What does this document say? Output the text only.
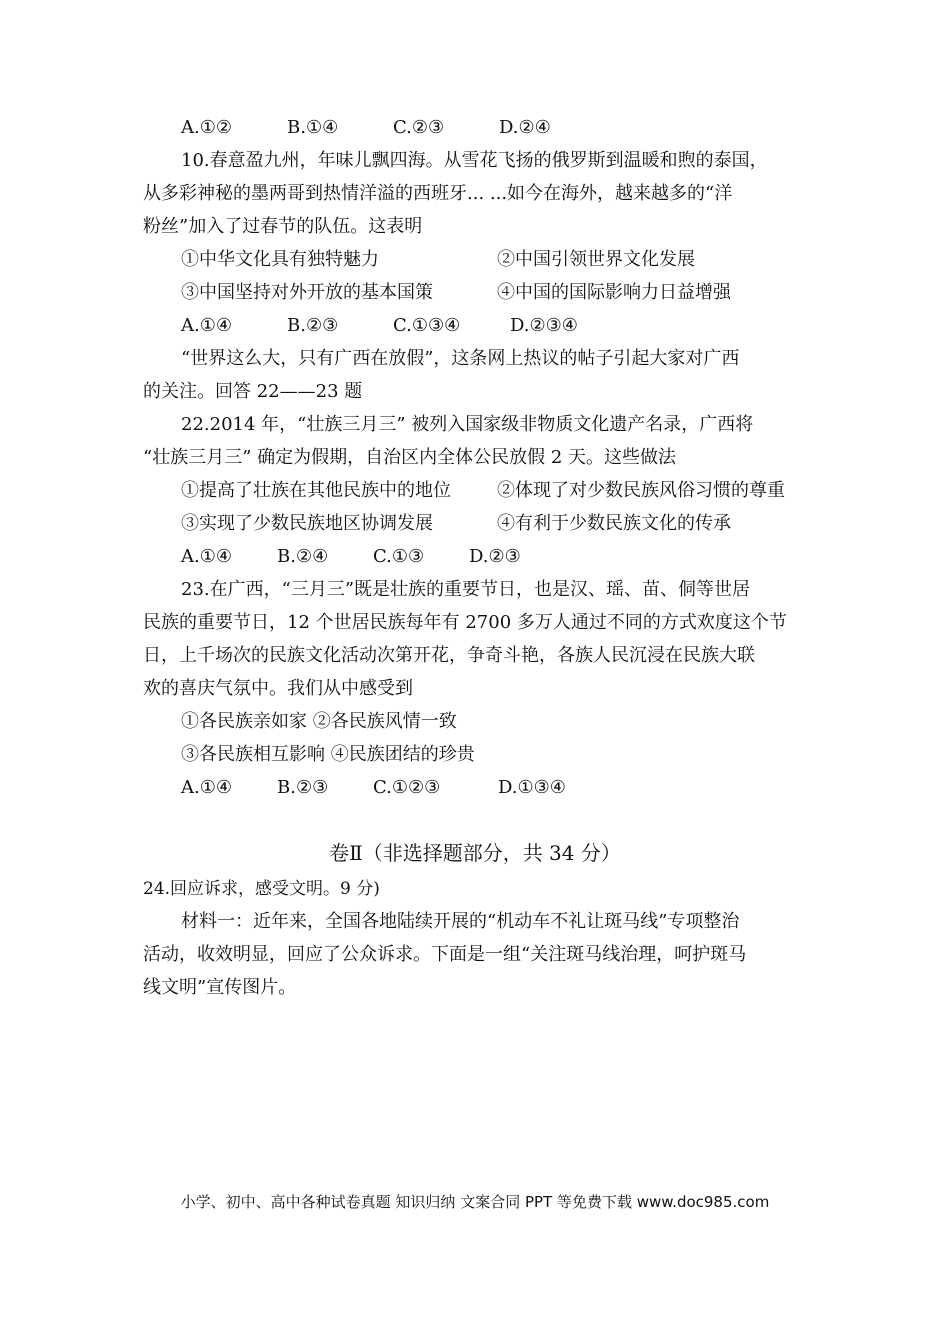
A.①②	B.①④	C.②③	D.②④
10.春意盈九州，年味儿飘四海。从雪花飞扬的俄罗斯到温暖和煦的泰国，
从多彩神秘的墨两哥到热情洋溢的西班牙... ...如今在海外，越来越多的“洋
粉丝”加入了过春节的队伍。这表明
①中华文化具有独特魅力	②中国引领世界文化发展
③中国坚持对外开放的基本国策	④中国的国际影响力日益增强
A.①④	B.②③	C.①③④	D.②③④
“世界这么大，只有广西在放假”，这条网上热议的帖子引起大家对广西
的关注。回答 22——23 题
22.2014 年，“壮族三月三” 被列入国家级非物质文化遗产名录，广西将
“壮族三月三” 确定为假期，自治区内全体公民放假 2 天。这些做法
①提高了壮族在其他民族中的地位	②体现了对少数民族风俗习惯的尊重
③实现了少数民族地区协调发展	④有利于少数民族文化的传承
A.①④	B.②④ C.①③ D.②③
23.在广西，“三月三”既是壮族的重要节日，也是汉、瑶、苗、侗等世居
民族的重要节日，12 个世居民族每年有 2700 多万人通过不同的方式欢度这个节
日，上千场次的民族文化活动次第开花，争奇斗艳，各族人民沉浸在民族大联
欢的喜庆气氛中。我们从中感受到
①各民族亲如家 ②各民族风情一致
③各民族相互影响 ④民族团结的珍贵
A.①④	B.②③ C.①②③	D.①③④
卷Ⅱ（非选择题部分，共 34 分）
24.回应诉求，感受文明。9 分)
材料一：近年来，全国各地陆续开展的“机动车不礼让斑马线”专项整治
活动，收效明显，回应了公众诉求。下面是一组“关注斑马线治理，呵护斑马
线文明”宣传图片。
小学、初中、高中各种试卷真题 知识归纳 文案合同 PPT 等免费下载 www.doc985.com
